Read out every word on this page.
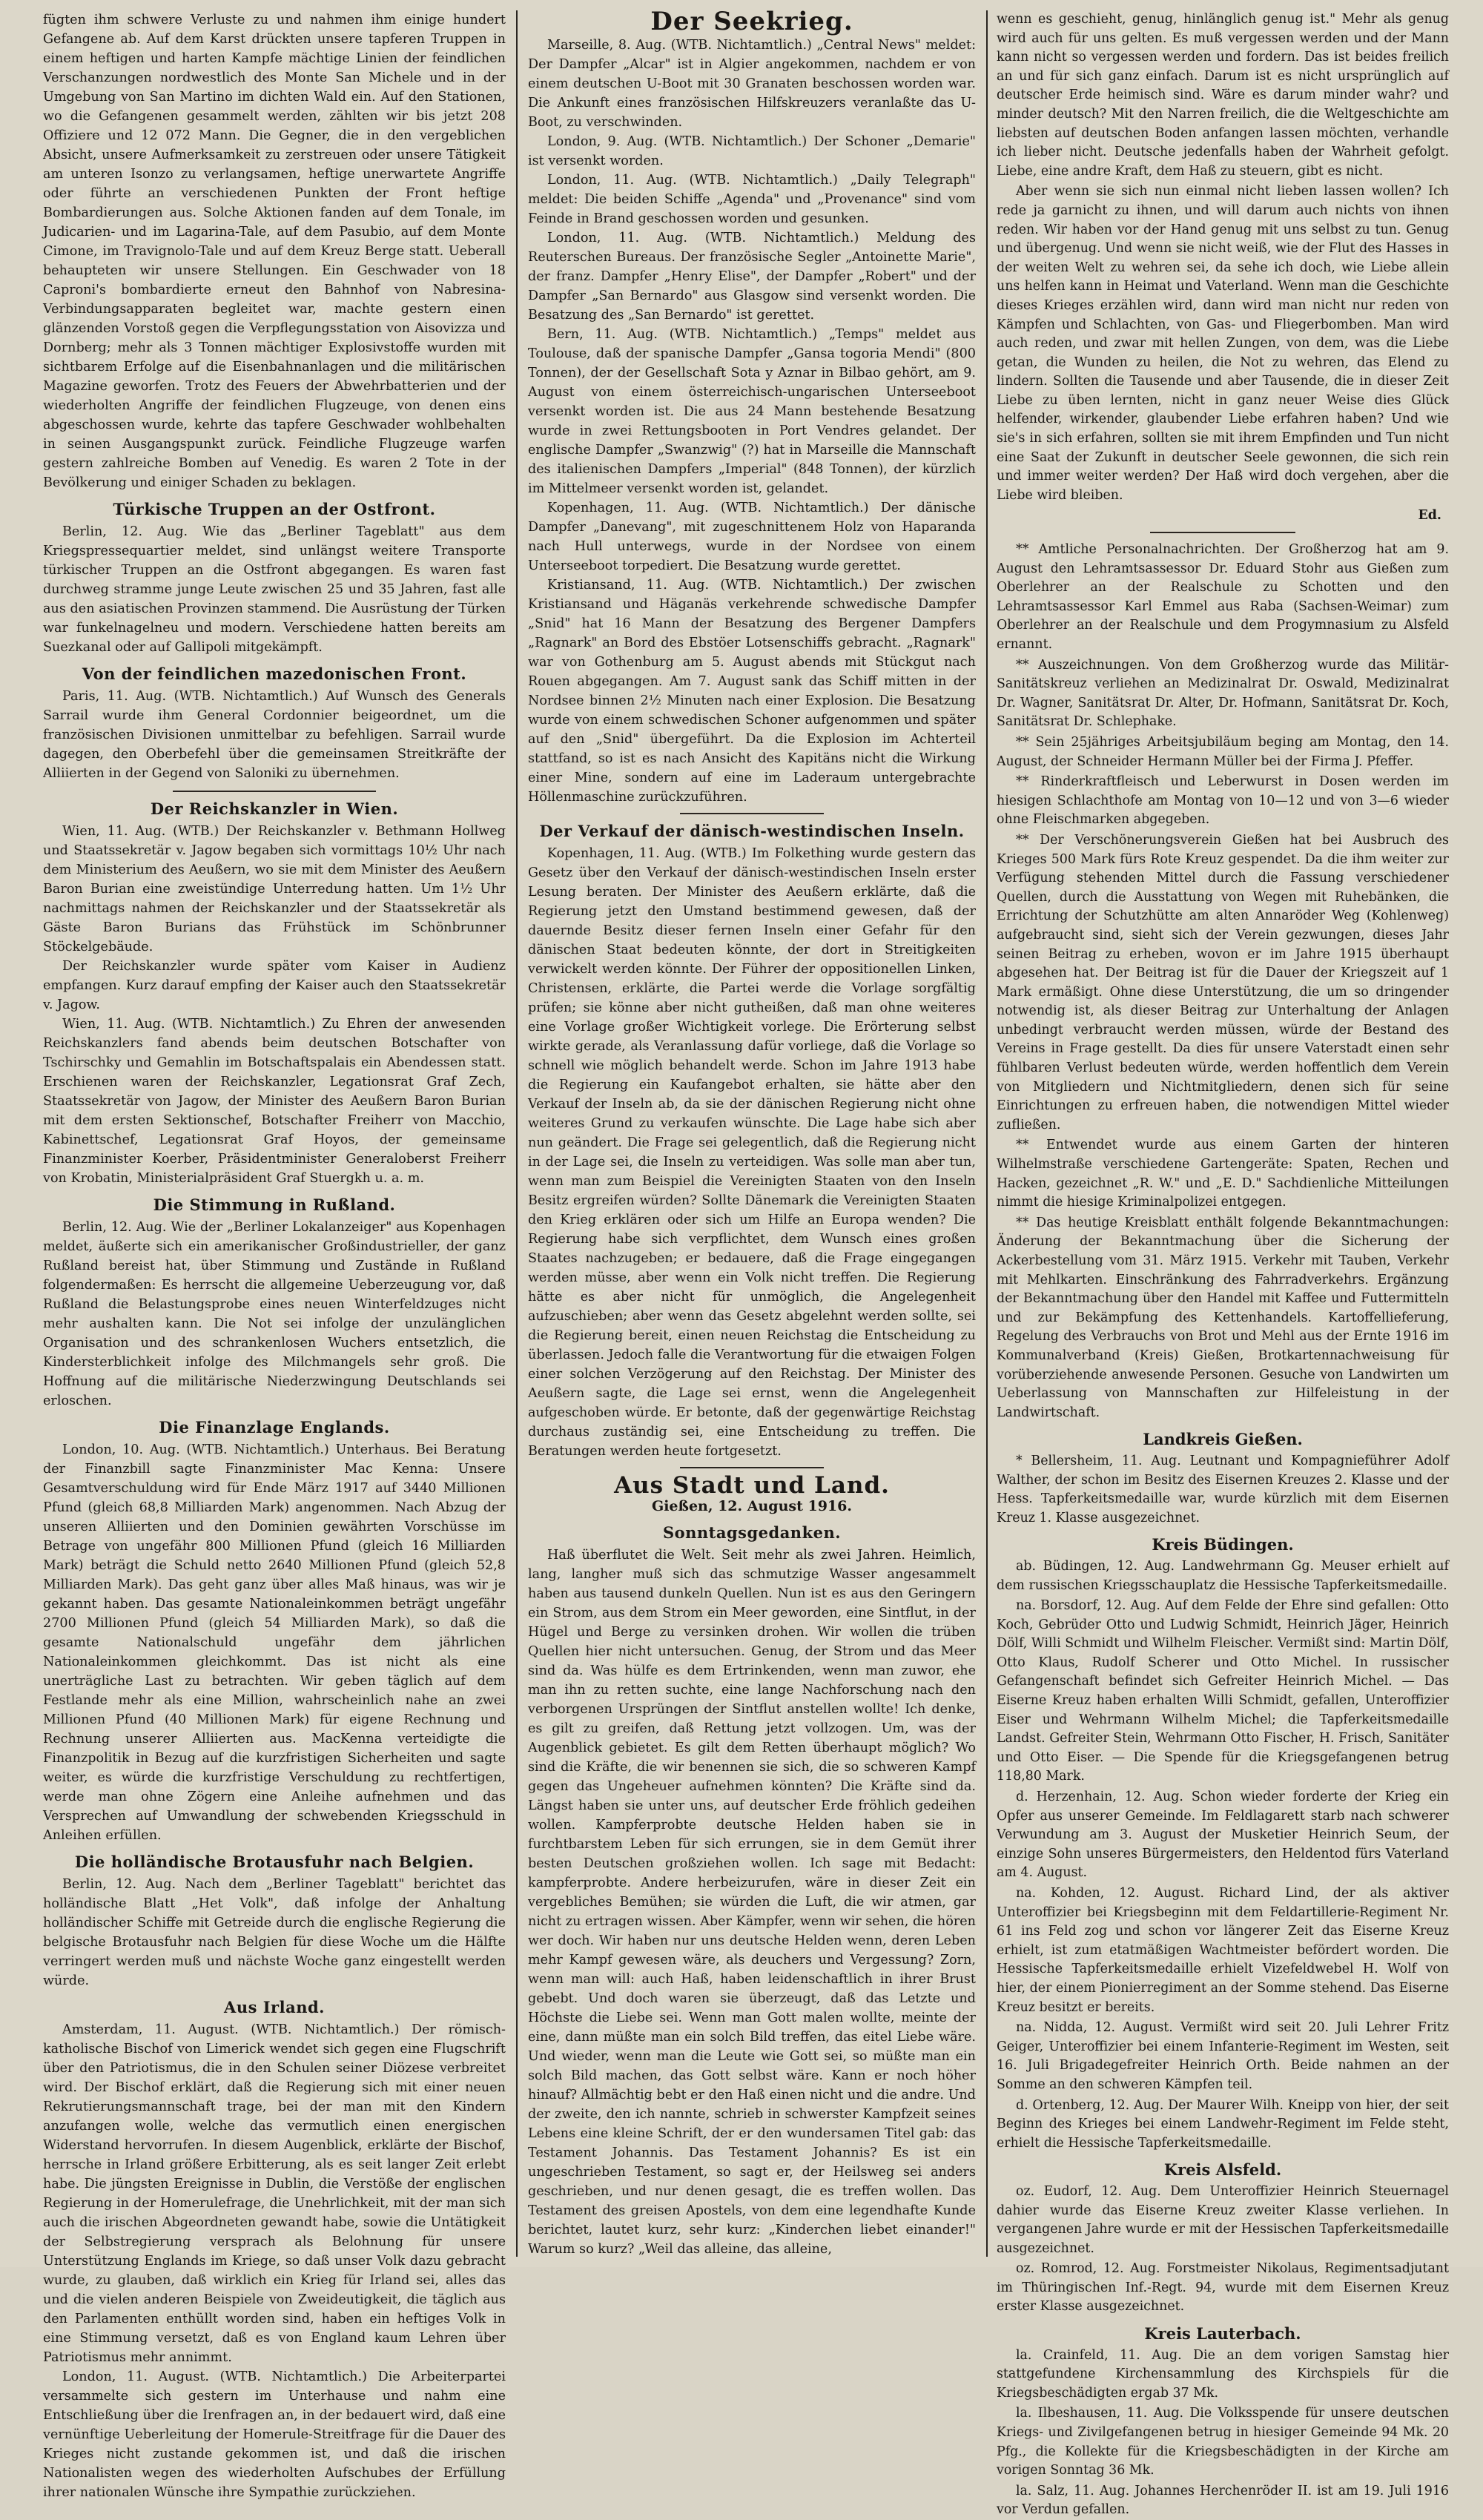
fügten ihm schwere Verluste zu und nahmen ihm einige hundert Gefangene ab. Auf dem Karst drückten unsere tapferen Truppen in einem heftigen und harten Kampfe mächtige Linien der feindlichen Verschanzungen nordwestlich des Monte San Michele und in der Umgebung von San Martino im dichten Wald ein. Auf den Stationen, wo die Gefangenen gesammelt werden, zählten wir bis jetzt 208 Offiziere und 12 072 Mann. Die Gegner, die in den vergeblichen Absicht, unsere Aufmerksamkeit zu zerstreuen oder unsere Tätigkeit am unteren Isonzo zu verlangsamen, heftige unerwartete Angriffe oder führte an verschiedenen Punkten der Front heftige Bombardierungen aus. Solche Aktionen fanden auf dem Tonale, im Judicarien- und im Lagarina-Tale, auf dem Pasubio, auf dem Monte Cimone, im Travignolo-Tale und auf dem Kreuz Berge statt. Ueberall behaupteten wir unsere Stellungen. Ein Geschwader von 18 Caproni's bombardierte erneut den Bahnhof von Nabresina-Verbindungsapparaten begleitet war, machte gestern einen glänzenden Vorstoß gegen die Verpflegungsstation von Aisovizza und Dornberg; mehr als 3 Tonnen mächtiger Explosivstoffe wurden mit sichtbarem Erfolge auf die Eisenbahnanlagen und die militärischen Magazine geworfen. Trotz des Feuers der Abwehrbatterien und der wiederholten Angriffe der feindlichen Flugzeuge, von denen eins abgeschossen wurde, kehrte das tapfere Geschwader wohlbehalten in seinen Ausgangspunkt zurück. Feindliche Flugzeuge warfen gestern zahlreiche Bomben auf Venedig. Es waren 2 Tote in der Bevölkerung und einiger Schaden zu beklagen.

Türkische Truppen an der Ostfront.

Berlin, 12. Aug. Wie das „Berliner Tageblatt" aus dem Kriegspressequartier meldet, sind unlängst weitere Transporte türkischer Truppen an die Ostfront abgegangen. Es waren fast durchweg stramme junge Leute zwischen 25 und 35 Jahren, fast alle aus den asiatischen Provinzen stammend. Die Ausrüstung der Türken war funkelnagelneu und modern. Verschiedene hatten bereits am Suezkanal oder auf Gallipoli mitgekämpft.

Von der feindlichen mazedonischen Front.

Paris, 11. Aug. (WTB. Nichtamtlich.) Auf Wunsch des Generals Sarrail wurde ihm General Cordonnier beigeordnet, um die französischen Divisionen unmittelbar zu befehligen. Sarrail wurde dagegen, den Oberbefehl über die gemeinsamen Streitkräfte der Alliierten in der Gegend von Saloniki zu übernehmen.

Der Reichskanzler in Wien.

Wien, 11. Aug. (WTB.) Der Reichskanzler v. Bethmann Hollweg und Staatssekretär v. Jagow begaben sich vormittags 10½ Uhr nach dem Ministerium des Aeußern, wo sie mit dem Minister des Aeußern Baron Burian eine zweistündige Unterredung hatten. Um 1½ Uhr nachmittags nahmen der Reichskanzler und der Staatssekretär als Gäste Baron Burians das Frühstück im Schönbrunner Stöckelgebäude.

Der Reichskanzler wurde später vom Kaiser in Audienz empfangen. Kurz darauf empfing der Kaiser auch den Staatssekretär v. Jagow.

Wien, 11. Aug. (WTB. Nichtamtlich.) Zu Ehren der anwesenden Reichskanzlers fand abends beim deutschen Botschafter von Tschirschky und Gemahlin im Botschaftspalais ein Abendessen statt. Erschienen waren der Reichskanzler, Legationsrat Graf Zech, Staatssekretär von Jagow, der Minister des Aeußern Baron Burian mit dem ersten Sektionschef, Botschafter Freiherr von Macchio, Kabinettschef, Legationsrat Graf Hoyos, der gemeinsame Finanzminister Koerber, Präsidentminister Generaloberst Freiherr von Krobatin, Ministerialpräsident Graf Stuergkh u. a. m.

Die Stimmung in Rußland.

Berlin, 12. Aug. Wie der „Berliner Lokalanzeiger" aus Kopenhagen meldet, äußerte sich ein amerikanischer Großindustrieller, der ganz Rußland bereist hat, über Stimmung und Zustände in Rußland folgendermaßen: Es herrscht die allgemeine Ueberzeugung vor, daß Rußland die Belastungsprobe eines neuen Winterfeldzuges nicht mehr aushalten kann. Die Not sei infolge der unzulänglichen Organisation und des schrankenlosen Wuchers entsetzlich, die Kindersterblichkeit infolge des Milchmangels sehr groß. Die Hoffnung auf die militärische Niederzwingung Deutschlands sei erloschen.

Die Finanzlage Englands.

London, 10. Aug. (WTB. Nichtamtlich.) Unterhaus. Bei Beratung der Finanzbill sagte Finanzminister Mac Kenna: Unsere Gesamtverschuldung wird für Ende März 1917 auf 3440 Millionen Pfund (gleich 68,8 Milliarden Mark) angenommen. Nach Abzug der unseren Alliierten und den Dominien gewährten Vorschüsse im Betrage von ungefähr 800 Millionen Pfund (gleich 16 Milliarden Mark) beträgt die Schuld netto 2640 Millionen Pfund (gleich 52,8 Milliarden Mark). Das geht ganz über alles Maß hinaus, was wir je gekannt haben. Das gesamte Nationaleinkommen beträgt ungefähr 2700 Millionen Pfund (gleich 54 Milliarden Mark), so daß die gesamte Nationalschuld ungefähr dem jährlichen Nationaleinkommen gleichkommt. Das ist nicht als eine unerträgliche Last zu betrachten. Wir geben täglich auf dem Festlande mehr als eine Million, wahrscheinlich nahe an zwei Millionen Pfund (40 Millionen Mark) für eigene Rechnung und Rechnung unserer Alliierten aus. MacKenna verteidigte die Finanzpolitik in Bezug auf die kurzfristigen Sicherheiten und sagte weiter, es würde die kurzfristige Verschuldung zu rechtfertigen, werde man ohne Zögern eine Anleihe aufnehmen und das Versprechen auf Umwandlung der schwebenden Kriegsschuld in Anleihen erfüllen.

Die holländische Brotausfuhr nach Belgien.

Berlin, 12. Aug. Nach dem „Berliner Tageblatt" berichtet das holländische Blatt „Het Volk", daß infolge der Anhaltung holländischer Schiffe mit Getreide durch die englische Regierung die belgische Brotausfuhr nach Belgien für diese Woche um die Hälfte verringert werden muß und nächste Woche ganz eingestellt werden würde.

Aus Irland.

Amsterdam, 11. August. (WTB. Nichtamtlich.) Der römisch-katholische Bischof von Limerick wendet sich gegen eine Flugschrift über den Patriotismus, die in den Schulen seiner Diözese verbreitet wird. Der Bischof erklärt, daß die Regierung sich mit einer neuen Rekrutierungsmannschaft trage, bei der man mit den Kindern anzufangen wolle, welche das vermutlich einen energischen Widerstand hervorrufen. In diesem Augenblick, erklärte der Bischof, herrsche in Irland größere Erbitterung, als es seit langer Zeit erlebt habe. Die jüngsten Ereignisse in Dublin, die Verstöße der englischen Regierung in der Homerulefrage, die Unehrlichkeit, mit der man sich auch die irischen Abgeordneten gewandt habe, sowie die Untätigkeit der Selbstregierung versprach als Belohnung für unsere Unterstützung Englands im Kriege, so daß unser Volk dazu gebracht wurde, zu glauben, daß wirklich ein Krieg für Irland sei, alles das und die vielen anderen Beispiele von Zweideutigkeit, die täglich aus den Parlamenten enthüllt worden sind, haben ein heftiges Volk in eine Stimmung versetzt, daß es von England kaum Lehren über Patriotismus mehr annimmt.

London, 11. August. (WTB. Nichtamtlich.) Die Arbeiterpartei versammelte sich gestern im Unterhause und nahm eine Entschließung über die Irenfragen an, in der bedauert wird, daß eine vernünftige Ueberleitung der Homerule-Streitfrage für die Dauer des Krieges nicht zustande gekommen ist, und daß die irischen Nationalisten wegen des wiederholten Aufschubes der Erfüllung ihrer nationalen Wünsche ihre Sympathie zurückziehen.

Der Seekrieg.

Marseille, 8. Aug. (WTB. Nichtamtlich.) „Central News" meldet: Der Dampfer „Alcar" ist in Algier angekommen, nachdem er von einem deutschen U-Boot mit 30 Granaten beschossen worden war. Die Ankunft eines französischen Hilfskreuzers veranlaßte das U-Boot, zu verschwinden.

London, 9. Aug. (WTB. Nichtamtlich.) Der Schoner „Demarie" ist versenkt worden.

London, 11. Aug. (WTB. Nichtamtlich.) „Daily Telegraph" meldet: Die beiden Schiffe „Agenda" und „Provenance" sind vom Feinde in Brand geschossen worden und gesunken.

London, 11. Aug. (WTB. Nichtamtlich.) Meldung des Reuterschen Bureaus. Der französische Segler „Antoinette Marie", der franz. Dampfer „Henry Elise", der Dampfer „Robert" und der Dampfer „San Bernardo" aus Glasgow sind versenkt worden. Die Besatzung des „San Bernardo" ist gerettet.

Bern, 11. Aug. (WTB. Nichtamtlich.) „Temps" meldet aus Toulouse, daß der spanische Dampfer „Gansa togoria Mendi" (800 Tonnen), der der Gesellschaft Sota y Aznar in Bilbao gehört, am 9. August von einem österreichisch-ungarischen Unterseeboot versenkt worden ist. Die aus 24 Mann bestehende Besatzung wurde in zwei Rettungsbooten in Port Vendres gelandet. Der englische Dampfer „Swanzwig" (?) hat in Marseille die Mannschaft des italienischen Dampfers „Imperial" (848 Tonnen), der kürzlich im Mittelmeer versenkt worden ist, gelandet.

Kopenhagen, 11. Aug. (WTB. Nichtamtlich.) Der dänische Dampfer „Danevang", mit zugeschnittenem Holz von Haparanda nach Hull unterwegs, wurde in der Nordsee von einem Unterseeboot torpediert. Die Besatzung wurde gerettet.

Kristiansand, 11. Aug. (WTB. Nichtamtlich.) Der zwischen Kristiansand und Häganäs verkehrende schwedische Dampfer „Snid" hat 16 Mann der Besatzung des Bergener Dampfers „Ragnark" an Bord des Ebstöer Lotsenschiffs gebracht. „Ragnark" war von Gothenburg am 5. August abends mit Stückgut nach Rouen abgegangen. Am 7. August sank das Schiff mitten in der Nordsee binnen 2½ Minuten nach einer Explosion. Die Besatzung wurde von einem schwedischen Schoner aufgenommen und später auf den „Snid" übergeführt. Da die Explosion im Achterteil stattfand, so ist es nach Ansicht des Kapitäns nicht die Wirkung einer Mine, sondern auf eine im Laderaum untergebrachte Höllenmaschine zurückzuführen.

Der Verkauf der dänisch-westindischen Inseln.

Kopenhagen, 11. Aug. (WTB.) Im Folkething wurde gestern das Gesetz über den Verkauf der dänisch-westindischen Inseln erster Lesung beraten. Der Minister des Aeußern erklärte, daß die Regierung jetzt den Umstand bestimmend gewesen, daß der dauernde Besitz dieser fernen Inseln einer Gefahr für den dänischen Staat bedeuten könnte, der dort in Streitigkeiten verwickelt werden könnte. Der Führer der oppositionellen Linken, Christensen, erklärte, die Partei werde die Vorlage sorgfältig prüfen; sie könne aber nicht gutheißen, daß man ohne weiteres eine Vorlage großer Wichtigkeit vorlege. Die Erörterung selbst wirkte gerade, als Veranlassung dafür vorliege, daß die Vorlage so schnell wie möglich behandelt werde. Schon im Jahre 1913 habe die Regierung ein Kaufangebot erhalten, sie hätte aber den Verkauf der Inseln ab, da sie der dänischen Regierung nicht ohne weiteres Grund zu verkaufen wünschte. Die Lage habe sich aber nun geändert. Die Frage sei gelegentlich, daß die Regierung nicht in der Lage sei, die Inseln zu verteidigen. Was solle man aber tun, wenn man zum Beispiel die Vereinigten Staaten von den Inseln Besitz ergreifen würden? Sollte Dänemark die Vereinigten Staaten den Krieg erklären oder sich um Hilfe an Europa wenden? Die Regierung habe sich verpflichtet, dem Wunsch eines großen Staates nachzugeben; er bedauere, daß die Frage eingegangen werden müsse, aber wenn ein Volk nicht treffen. Die Regierung hätte es aber nicht für unmöglich, die Angelegenheit aufzuschieben; aber wenn das Gesetz abgelehnt werden sollte, sei die Regierung bereit, einen neuen Reichstag die Entscheidung zu überlassen. Jedoch falle die Verantwortung für die etwaigen Folgen einer solchen Verzögerung auf den Reichstag. Der Minister des Aeußern sagte, die Lage sei ernst, wenn die Angelegenheit aufgeschoben würde. Er betonte, daß der gegenwärtige Reichstag durchaus zuständig sei, eine Entscheidung zu treffen. Die Beratungen werden heute fortgesetzt.

Aus Stadt und Land.
Gießen, 12. August 1916.
Sonntagsgedanken.

Haß überflutet die Welt. Seit mehr als zwei Jahren. Heimlich, lang, langher muß sich das schmutzige Wasser angesammelt haben aus tausend dunkeln Quellen. Nun ist es aus den Geringern ein Strom, aus dem Strom ein Meer geworden, eine Sintflut, in der Hügel und Berge zu versinken drohen. Wir wollen die trüben Quellen hier nicht untersuchen. Genug, der Strom und das Meer sind da. Was hülfe es dem Ertrinkenden, wenn man zuwor, ehe man ihn zu retten suchte, eine lange Nachforschung nach den verborgenen Ursprüngen der Sintflut anstellen wollte! Ich denke, es gilt zu greifen, daß Rettung jetzt vollzogen. Um, was der Augenblick gebietet. Es gilt dem Retten überhaupt möglich? Wo sind die Kräfte, die wir benennen sie sich, die so schweren Kampf gegen das Ungeheuer aufnehmen könnten? Die Kräfte sind da. Längst haben sie unter uns, auf deutscher Erde fröhlich gedeihen wollen. Kampferprobte deutsche Helden haben sie in furchtbarstem Leben für sich errungen, sie in dem Gemüt ihrer besten Deutschen großziehen wollen. Ich sage mit Bedacht: kampferprobte. Andere herbeizurufen, wäre in dieser Zeit ein vergebliches Bemühen; sie würden die Luft, die wir atmen, gar nicht zu ertragen wissen. Aber Kämpfer, wenn wir sehen, die hören wer doch. Wir haben nur uns deutsche Helden wenn, deren Leben mehr Kampf gewesen wäre, als deuchers und Vergessung? Zorn, wenn man will: auch Haß, haben leidenschaftlich in ihrer Brust gebebt. Und doch waren sie überzeugt, daß das Letzte und Höchste die Liebe sei. Wenn man Gott malen wollte, meinte der eine, dann müßte man ein solch Bild treffen, das eitel Liebe wäre. Und wieder, wenn man die Leute wie Gott sei, so müßte man ein solch Bild machen, das Gott selbst wäre. Kann er noch höher hinauf? Allmächtig bebt er den Haß einen nicht und die andre. Und der zweite, den ich nannte, schrieb in schwerster Kampfzeit seines Lebens eine kleine Schrift, der er den wundersamen Titel gab: das Testament Johannis. Das Testament Johannis? Es ist ein ungeschrieben Testament, so sagt er, der Heilsweg sei anders geschrieben, und nur denen gesagt, die es treffen wollen. Das Testament des greisen Apostels, von dem eine legendhafte Kunde berichtet, lautet kurz, sehr kurz: „Kinderchen liebet einander!" Warum so kurz? „Weil das alleine, das alleine,

wenn es geschieht, genug, hinlänglich genug ist." Mehr als genug wird auch für uns gelten. Es muß vergessen werden und der Mann kann nicht so vergessen werden und fordern. Das ist beides freilich an und für sich ganz einfach. Darum ist es nicht ursprünglich auf deutscher Erde heimisch sind. Wäre es darum minder wahr? und minder deutsch? Mit den Narren freilich, die die Weltgeschichte am liebsten auf deutschen Boden anfangen lassen möchten, verhandle ich lieber nicht. Deutsche jedenfalls haben der Wahrheit gefolgt. Liebe, eine andre Kraft, dem Haß zu steuern, gibt es nicht.

Aber wenn sie sich nun einmal nicht lieben lassen wollen? Ich rede ja garnicht zu ihnen, und will darum auch nichts von ihnen reden. Wir haben vor der Hand genug mit uns selbst zu tun. Genug und übergenug. Und wenn sie nicht weiß, wie der Flut des Hasses in der weiten Welt zu wehren sei, da sehe ich doch, wie Liebe allein uns helfen kann in Heimat und Vaterland. Wenn man die Geschichte dieses Krieges erzählen wird, dann wird man nicht nur reden von Kämpfen und Schlachten, von Gas- und Fliegerbomben. Man wird auch reden, und zwar mit hellen Zungen, von dem, was die Liebe getan, die Wunden zu heilen, die Not zu wehren, das Elend zu lindern. Sollten die Tausende und aber Tausende, die in dieser Zeit Liebe zu üben lernten, nicht in ganz neuer Weise dies Glück helfender, wirkender, glaubender Liebe erfahren haben? Und wie sie's in sich erfahren, sollten sie mit ihrem Empfinden und Tun nicht eine Saat der Zukunft in deutscher Seele gewonnen, die sich rein und immer weiter werden? Der Haß wird doch vergehen, aber die Liebe wird bleiben.

Ed.

** Amtliche Personalnachrichten. Der Großherzog hat am 9. August den Lehramtsassessor Dr. Eduard Stohr aus Gießen zum Oberlehrer an der Realschule zu Schotten und den Lehramtsassessor Karl Emmel aus Raba (Sachsen-Weimar) zum Oberlehrer an der Realschule und dem Progymnasium zu Alsfeld ernannt.

** Auszeichnungen. Von dem Großherzog wurde das Militär-Sanitätskreuz verliehen an Medizinalrat Dr. Oswald, Medizinalrat Dr. Wagner, Sanitätsrat Dr. Alter, Dr. Hofmann, Sanitätsrat Dr. Koch, Sanitätsrat Dr. Schlephake.

** Sein 25jähriges Arbeitsjubiläum beging am Montag, den 14. August, der Schneider Hermann Müller bei der Firma J. Pfeffer.

** Rinderkraftfleisch und Leberwurst in Dosen werden im hiesigen Schlachthofe am Montag von 10—12 und von 3—6 wieder ohne Fleischmarken abgegeben.

** Der Verschönerungsverein Gießen hat bei Ausbruch des Krieges 500 Mark fürs Rote Kreuz gespendet. Da die ihm weiter zur Verfügung stehenden Mittel durch die Fassung verschiedener Quellen, durch die Ausstattung von Wegen mit Ruhebänken, die Errichtung der Schutzhütte am alten Annaröder Weg (Kohlenweg) aufgebraucht sind, sieht sich der Verein gezwungen, dieses Jahr seinen Beitrag zu erheben, wovon er im Jahre 1915 überhaupt abgesehen hat. Der Beitrag ist für die Dauer der Kriegszeit auf 1 Mark ermäßigt. Ohne diese Unterstützung, die um so dringender notwendig ist, als dieser Beitrag zur Unterhaltung der Anlagen unbedingt verbraucht werden müssen, würde der Bestand des Vereins in Frage gestellt. Da dies für unsere Vaterstadt einen sehr fühlbaren Verlust bedeuten würde, werden hoffentlich dem Verein von Mitgliedern und Nichtmitgliedern, denen sich für seine Einrichtungen zu erfreuen haben, die notwendigen Mittel wieder zufließen.

** Entwendet wurde aus einem Garten der hinteren Wilhelmstraße verschiedene Gartengeräte: Spaten, Rechen und Hacken, gezeichnet „R. W." und „E. D." Sachdienliche Mitteilungen nimmt die hiesige Kriminalpolizei entgegen.

** Das heutige Kreisblatt enthält folgende Bekanntmachungen: Änderung der Bekanntmachung über die Sicherung der Ackerbestellung vom 31. März 1915. Verkehr mit Tauben, Verkehr mit Mehlkarten. Einschränkung des Fahrradverkehrs. Ergänzung der Bekanntmachung über den Handel mit Kaffee und Futtermitteln und zur Bekämpfung des Kettenhandels. Kartoffellieferung, Regelung des Verbrauchs von Brot und Mehl aus der Ernte 1916 im Kommunalverband (Kreis) Gießen, Brotkartennachweisung für vorüberziehende anwesende Personen. Gesuche von Landwirten um Ueberlassung von Mannschaften zur Hilfeleistung in der Landwirtschaft.

Landkreis Gießen.

* Bellersheim, 11. Aug. Leutnant und Kompagnieführer Adolf Walther, der schon im Besitz des Eisernen Kreuzes 2. Klasse und der Hess. Tapferkeitsmedaille war, wurde kürzlich mit dem Eisernen Kreuz 1. Klasse ausgezeichnet.

Kreis Büdingen.

ab. Büdingen, 12. Aug. Landwehrmann Gg. Meuser erhielt auf dem russischen Kriegsschauplatz die Hessische Tapferkeitsmedaille.

na. Borsdorf, 12. Aug. Auf dem Felde der Ehre sind gefallen: Otto Koch, Gebrüder Otto und Ludwig Schmidt, Heinrich Jäger, Heinrich Dölf, Willi Schmidt und Wilhelm Fleischer. Vermißt sind: Martin Dölf, Otto Klaus, Rudolf Scherer und Otto Michel. In russischer Gefangenschaft befindet sich Gefreiter Heinrich Michel. — Das Eiserne Kreuz haben erhalten Willi Schmidt, gefallen, Unteroffizier Eiser und Wehrmann Wilhelm Michel; die Tapferkeitsmedaille Landst. Gefreiter Stein, Wehrmann Otto Fischer, H. Frisch, Sanitäter und Otto Eiser. — Die Spende für die Kriegsgefangenen betrug 118,80 Mark.

d. Herzenhain, 12. Aug. Schon wieder forderte der Krieg ein Opfer aus unserer Gemeinde. Im Feldlagarett starb nach schwerer Verwundung am 3. August der Musketier Heinrich Seum, der einzige Sohn unseres Bürgermeisters, den Heldentod fürs Vaterland am 4. August.

na. Kohden, 12. August. Richard Lind, der als aktiver Unteroffizier bei Kriegsbeginn mit dem Feldartillerie-Regiment Nr. 61 ins Feld zog und schon vor längerer Zeit das Eiserne Kreuz erhielt, ist zum etatmäßigen Wachtmeister befördert worden. Die Hessische Tapferkeitsmedaille erhielt Vizefeldwebel H. Wolf von hier, der einem Pionierregiment an der Somme stehend. Das Eiserne Kreuz besitzt er bereits.

na. Nidda, 12. August. Vermißt wird seit 20. Juli Lehrer Fritz Geiger, Unteroffizier bei einem Infanterie-Regiment im Westen, seit 16. Juli Brigadegefreiter Heinrich Orth. Beide nahmen an der Somme an den schweren Kämpfen teil.

d. Ortenberg, 12. Aug. Der Maurer Wilh. Kneipp von hier, der seit Beginn des Krieges bei einem Landwehr-Regiment im Felde steht, erhielt die Hessische Tapferkeitsmedaille.

Kreis Alsfeld.

oz. Eudorf, 12. Aug. Dem Unteroffizier Heinrich Steuernagel dahier wurde das Eiserne Kreuz zweiter Klasse verliehen. In vergangenen Jahre wurde er mit der Hessischen Tapferkeitsmedaille ausgezeichnet.

oz. Romrod, 12. Aug. Forstmeister Nikolaus, Regimentsadjutant im Thüringischen Inf.-Regt. 94, wurde mit dem Eisernen Kreuz erster Klasse ausgezeichnet.

Kreis Lauterbach.

la. Crainfeld, 11. Aug. Die an dem vorigen Samstag hier stattgefundene Kirchensammlung des Kirchspiels für die Kriegsbeschädigten ergab 37 Mk.

la. Ilbeshausen, 11. Aug. Die Volksspende für unsere deutschen Kriegs- und Zivilgefangenen betrug in hiesiger Gemeinde 94 Mk. 20 Pfg., die Kollekte für die Kriegsbeschädigten in der Kirche am vorigen Sonntag 36 Mk.

la. Salz, 11. Aug. Johannes Herchenröder II. ist am 19. Juli 1916 vor Verdun gefallen.
